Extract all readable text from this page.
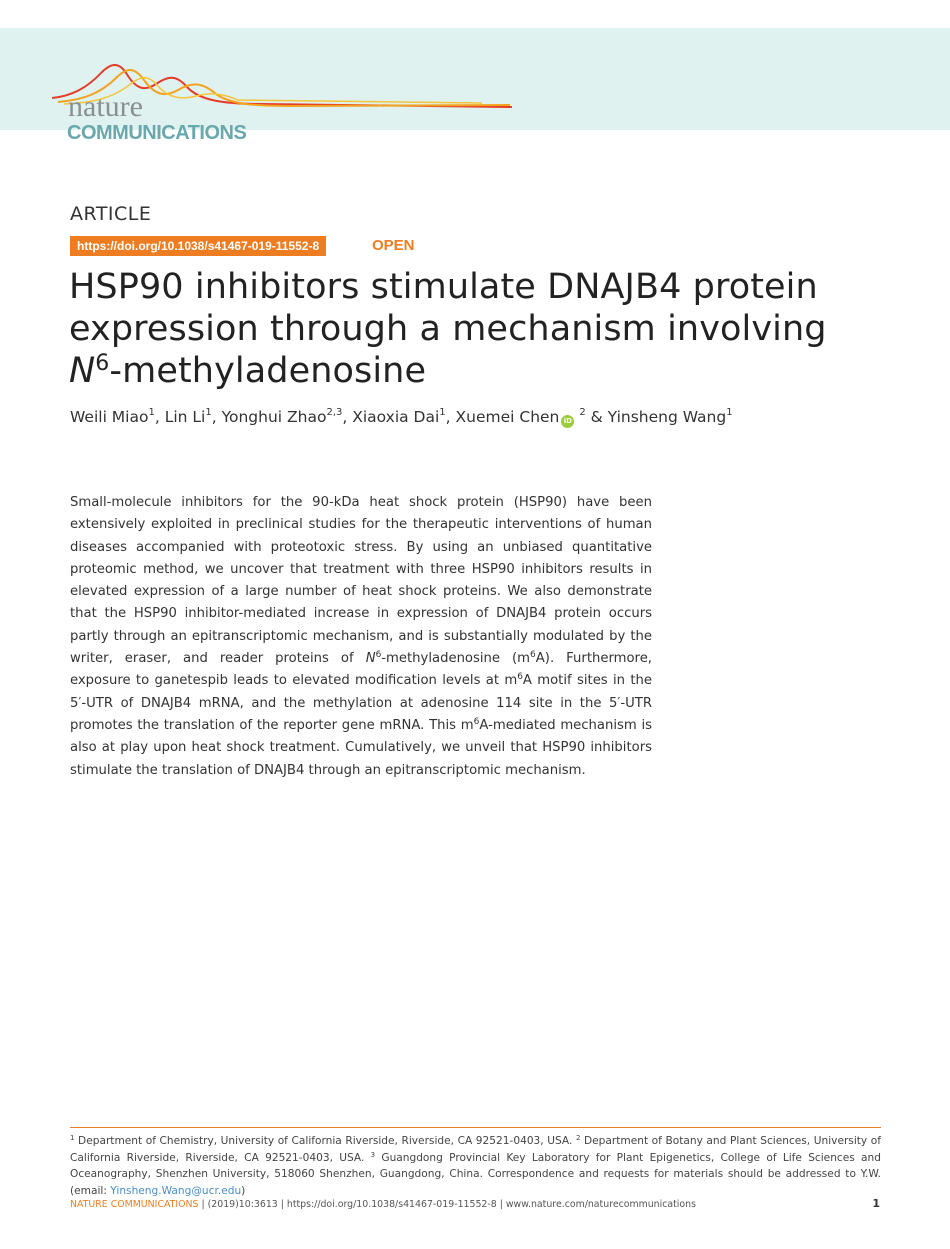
nature
COMMUNICATIONS
ARTICLE
https://doi.org/10.1038/s41467-019-11552-8	OPEN
HSP90 inhibitors stimulate DNAJB4 protein
expression through a mechanism involving
$N^6$-methyladenosine
Weili Miao$^1$, Lin Li$^1$, Yonghui Zhao$^{2,3}$, Xiaoxia Dai$^1$, Xuemei Chen iD $^2$ & Yinsheng Wang$^1$
Small-molecule inhibitors for the 90-kDa heat shock protein (HSP90) have been extensively exploited in preclinical studies for the therapeutic interventions of human diseases accompanied with proteotoxic stress. By using an unbiased quantitative proteomic method, we uncover that treatment with three HSP90 inhibitors results in elevated expression of a large number of heat shock proteins. We also demonstrate that the HSP90 inhibitor-mediated increase in expression of DNAJB4 protein occurs partly through an epitranscriptomic mechanism, and is substantially modulated by the writer, eraser, and reader proteins of $N^6$-methyladenosine $(m^6A)$. Furthermore, exposure to ganetespib leads to elevated modification levels at $m^6A$ motif sites in the 5′-UTR of DNAJB4 mRNA, and the methylation at adenosine 114 site in the 5′-UTR promotes the translation of the reporter gene mRNA. This $m^6A$-mediated mechanism is also at play upon heat shock treatment. Cumulatively, we unveil that HSP90 inhibitors stimulate the translation of DNAJB4 through an epitranscriptomic mechanism.
$^1$ Department of Chemistry, University of California Riverside, Riverside, CA 92521-0403, USA. $^2$ Department of Botany and Plant Sciences, University of California Riverside, Riverside, CA 92521-0403, USA. $^3$ Guangdong Provincial Key Laboratory for Plant Epigenetics, College of Life Sciences and Oceanography, Shenzhen University, 518060 Shenzhen, Guangdong, China. Correspondence and requests for materials should be addressed to Y.W. (email: Yinsheng.Wang@ucr.edu)
NATURE COMMUNICATIONS | (2019)10:3613 | https://doi.org/10.1038/s41467-019-11552-8 | www.nature.com/naturecommunications	1
